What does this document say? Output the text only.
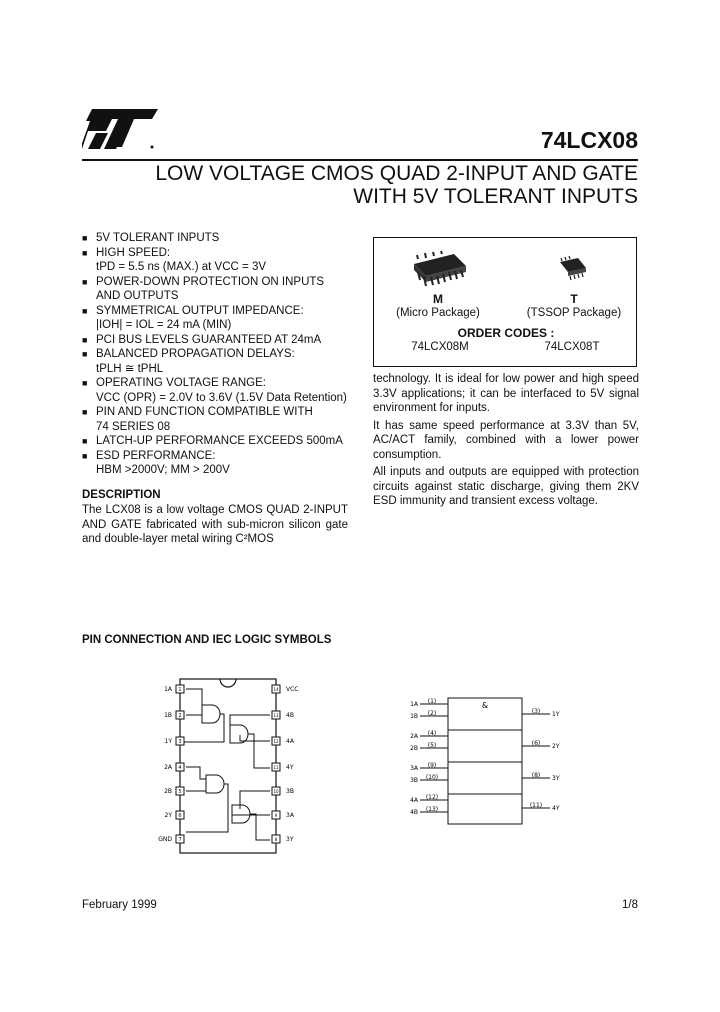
74LCX08
LOW VOLTAGE CMOS QUAD 2-INPUT AND GATE
WITH 5V TOLERANT INPUTS
■ 5V TOLERANT INPUTS
■ HIGH SPEED:
tPD = 5.5 ns (MAX.) at VCC = 3V
■ POWER-DOWN PROTECTION ON INPUTS
AND OUTPUTS
■ SYMMETRICAL OUTPUT IMPEDANCE:
|IOH| = IOL = 24 mA (MIN)
■ PCI BUS LEVELS GUARANTEED AT 24mA
■ BALANCED PROPAGATION DELAYS:
tPLH ≅ tPHL
■ OPERATING VOLTAGE RANGE:
VCC (OPR) = 2.0V to 3.6V (1.5V Data Retention)
■ PIN AND FUNCTION COMPATIBLE WITH
74 SERIES 08
■ LATCH-UP PERFORMANCE EXCEEDS 500mA
■ ESD PERFORMANCE:
HBM >2000V; MM > 200V
DESCRIPTION
The LCX08 is a low voltage CMOS QUAD 2-INPUT AND GATE fabricated with sub-micron silicon gate and double-layer metal wiring C²MOS
M
(Micro Package)
T
(TSSOP Package)
ORDER CODES :
74LCX08M	74LCX08T

technology. It is ideal for low power and high speed 3.3V applications; it can be interfaced to 5V signal environment for inputs.

It has same speed performance at 3.3V than 5V, AC/ACT family, combined with a lower power consumption.

All inputs and outputs are equipped with protection circuits against static discharge, giving them 2KV ESD immunity and transient excess voltage.

PIN CONNECTION AND IEC LOGIC SYMBOLS
1A 1
1B 2
1Y 3
2A 4
2B 5
2Y 6
GND 7
VCC
14
4B
13
4A
12
4Y
11
3B
10
3A
9
3Y
8
1A (1)
1B (2)
2A (4)
2B (5)
3A (9)
3B (10)
4A (12)
4B (13)
1Y
(3)
2Y
(6)
3Y
(8)
4Y
(11)
&
February 1999	1/8
